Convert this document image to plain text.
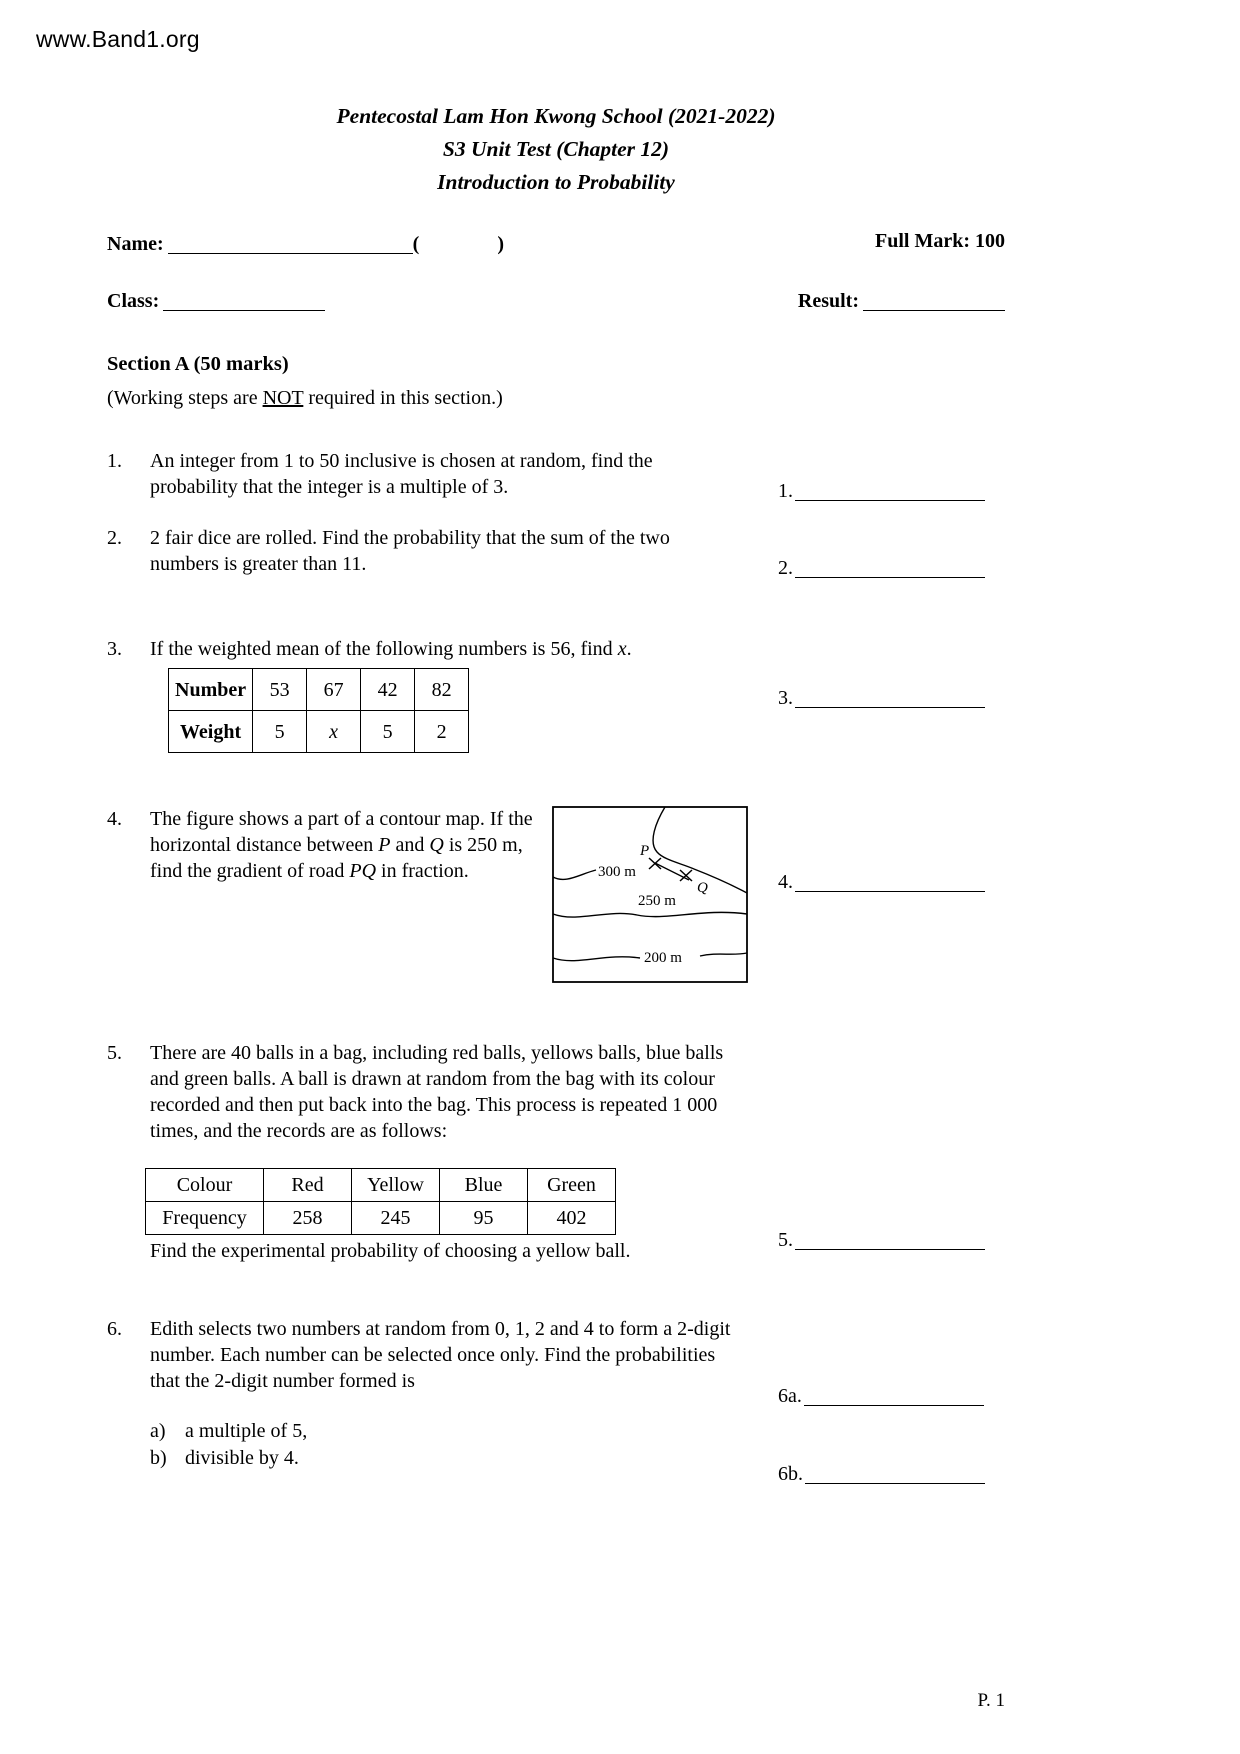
www.Band1.org
Pentecostal Lam Hon Kwong School (2021-2022)
S3 Unit Test (Chapter 12)
Introduction to Probability
Name:	(	)	Full Mark: 100
Class:	Result:
Section A (50 marks)
(Working steps are NOT required in this section.)
1. An integer from 1 to 50 inclusive is chosen at random, find the probability that the integer is a multiple of 3.	1.
2. 2 fair dice are rolled. Find the probability that the sum of the two numbers is greater than 11.	2.
3. If the weighted mean of the following numbers is 56, find x.
Number	53	67	42	82
Weight	5	x	5	2
3.
4. The figure shows a part of a contour map. If the horizontal distance between P and Q is 250 m, find the gradient of road PQ in fraction.	300 m
250 m
200 m
P
Q	4.
5. There are 40 balls in a bag, including red balls, yellows balls, blue balls and green balls. A ball is drawn at random from the bag with its colour recorded and then put back into the bag. This process is repeated 1 000 times, and the records are as follows:
Colour	Red	Yellow	Blue	Green
Frequency	258	245	95	402
Find the experimental probability of choosing a yellow ball.	5.
6. Edith selects two numbers at random from 0, 1, 2 and 4 to form a 2-digit number. Each number can be selected once only. Find the probabilities that the 2-digit number formed is
a) a multiple of 5,
b) divisible by 4.
6a.
6b.
P. 1
